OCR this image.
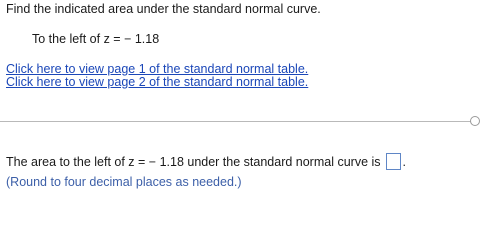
Find the indicated area under the standard normal curve.
To the left of z = − 1.18
Click here to view page 1 of the standard normal table.
Click here to view page 2 of the standard normal table.
The area to the left of z = − 1.18 under the standard normal curve is .
(Round to four decimal places as needed.)
